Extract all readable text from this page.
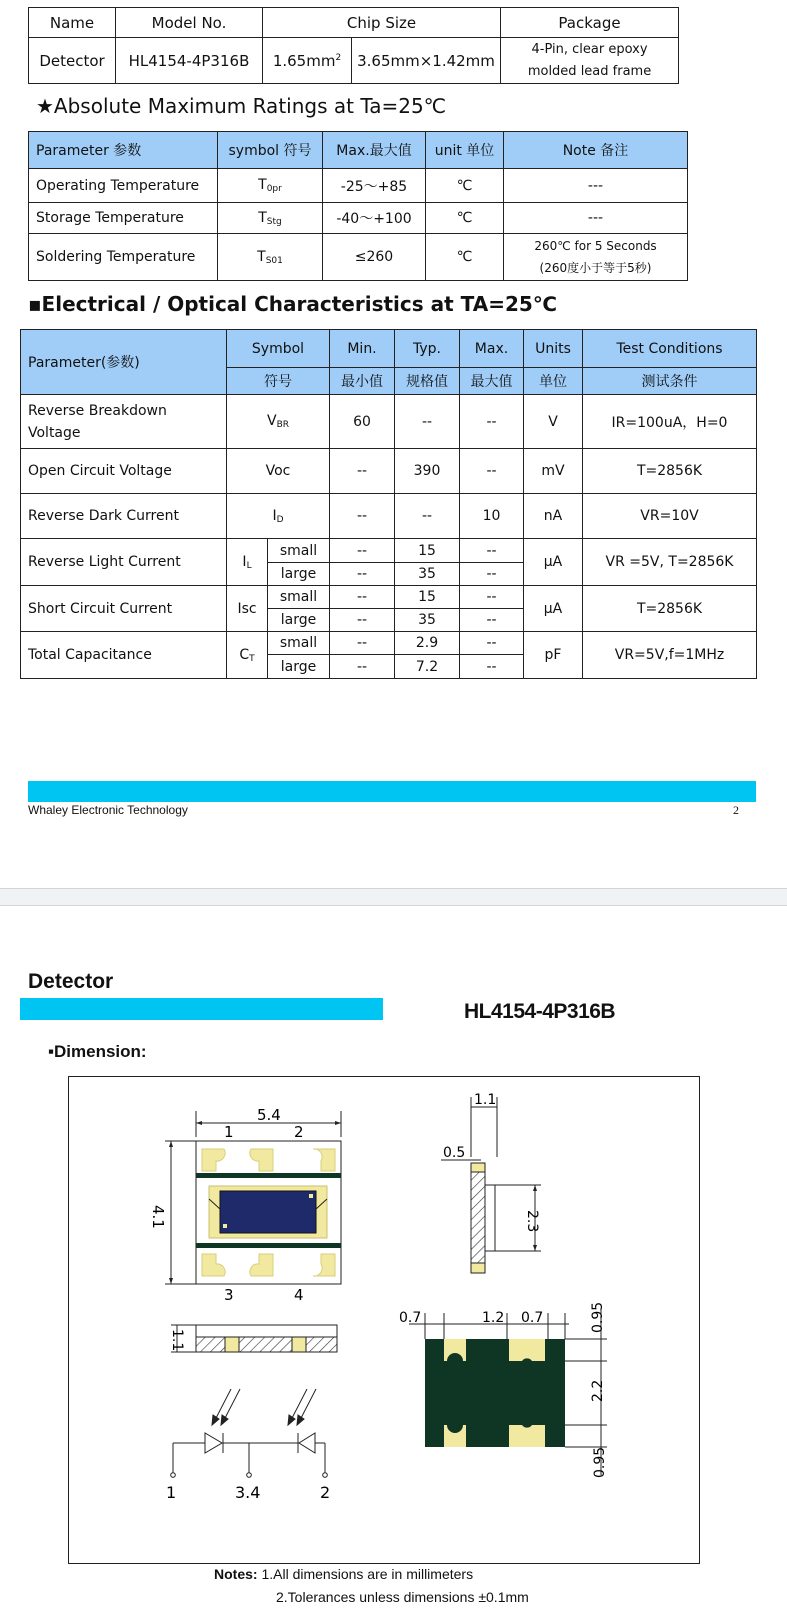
Name	Model No.	Chip Size		Package
Detector	HL4154-4P316B	$1.65mm^2$	3.65mm×1.42mm	4-Pin, clear epoxy
molded lead frame
★Absolute Maximum Ratings at Ta=25℃
Parameter 参数	symbol 符号	Max.最大值	unit 单位	Note 备注
Operating Temperature	$T_{0pr}$	-25～+85	℃	---
Storage Temperature	$T_{Stg}$	-40～+100	℃	---
Soldering Temperature	$T_{S01}$	≤260	℃	260℃ for 5 Seconds
(260度小于等于5秒)
▪Electrical / Optical Characteristics at TA=25℃
Parameter(参数)	Symbol		Min.	Typ.	Max.	Units	Test Conditions
	符号		最小值	规格值	最大值	单位	测试条件

Reverse Breakdown
Voltage	$V_{BR}$		60	--	--	V	IR=100uA，H=0
Open Circuit Voltage	Voc		--	390	--	mV	T=2856K
Reverse Dark Current	$I_D$		--	--	10	nA	VR=10V
Reverse Light Current	$I_L$	small	--	15	--	μA	VR =5V, T=2856K
		large	--	35	--		
Short Circuit Current	Isc	small	--	15	--	μA	T=2856K
		large	--	35	--		
Total Capacitance	$C_T$	small	--	2.9	--	pF	VR=5V,f=1MHz
		large	--	7.2	--		
Whaley Electronic Technology	2
Detector
HL4154-4P316B
▪Dimension:
5.4
4.1
1	2
3	4
1.1
0.5
2.3
1.1
0.7	1.2 0.7	0.95
2.2
0.95
1	3.4	2
Notes: 1.All dimensions are in millimeters
2.Tolerances unless dimensions ±0.1mm
